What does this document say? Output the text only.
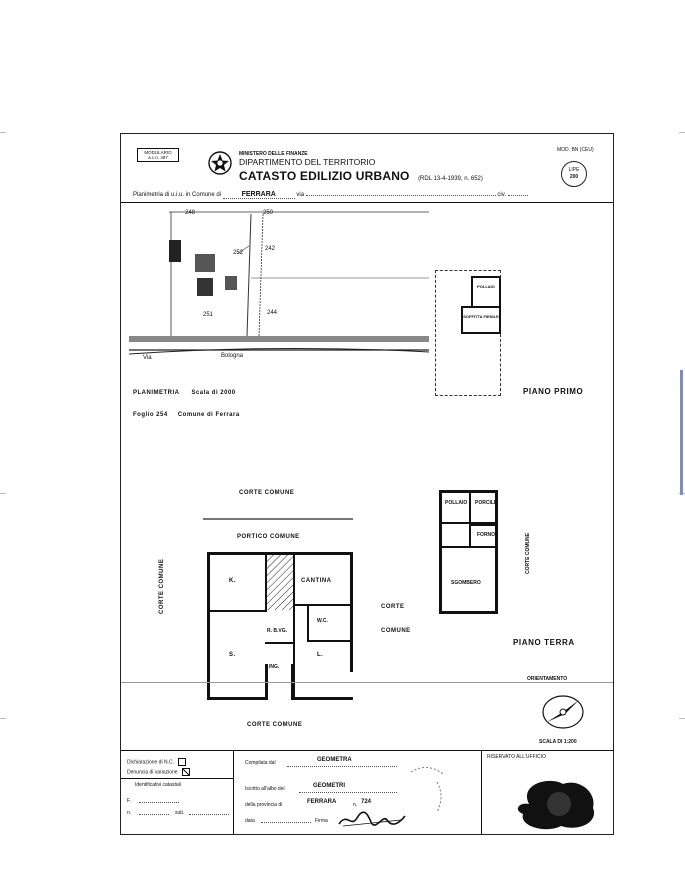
MODULARIO
a.c.n. 497
MINISTERO DELLE FINANZE
DIPARTIMENTO DEL TERRITORIO
CATASTO EDILIZIO URBANO (RDL 13-4-1939, n. 652)
MOD. BN (CEU)
LIPE
200
Planimetria di u.i.u. in Comune di	FERRARA	via	civ.
248	250
252
242
251	244
Via	Bologna
PLANIMETRIA Scala di 2000
Foglio 254 Comune di Ferrara
POLLAIO
SOFFITTA FIENILE
PIANO PRIMO
CORTE COMUNE
PORTICO COMUNE
K.	CANTINA
R. B.VG.
W.C.
S.
ING.
L.
CORTE COMUNE	CORTE
COMUNE
CORTE COMUNE
POLLAIO PORCILE
FORNO
SGOMBERO
CORTE COMUNE
PIANO TERRA
ORIENTAMENTO
SCALA DI 1:200
Dichiarazione di N.C.
Denuncia di variazione
Identificativi catastali
F.
n.	sub.
Compilata dal	GEOMETRA
Iscritto all'albo dei	GEOMETRI
della provincia di	FERRARA	n. 724
data	Firma
RISERVATO ALL'UFFICIO
